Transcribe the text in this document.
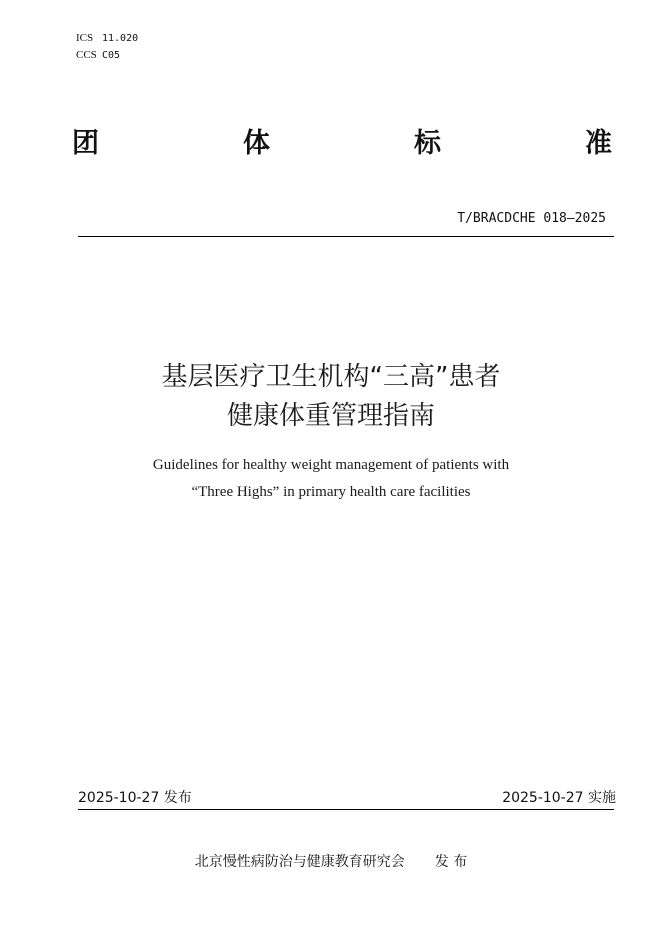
ICS 11.020
CCS C05
团	体	标	准
T/BRACDCHE 018—2025
基层医疗卫生机构“三高”患者
健康体重管理指南
Guidelines for healthy weight management of patients with
“Three Highs” in primary health care facilities
2025-10-27 发布	2025-10-27 实施
北京慢性病防治与健康教育研究会 发 布
